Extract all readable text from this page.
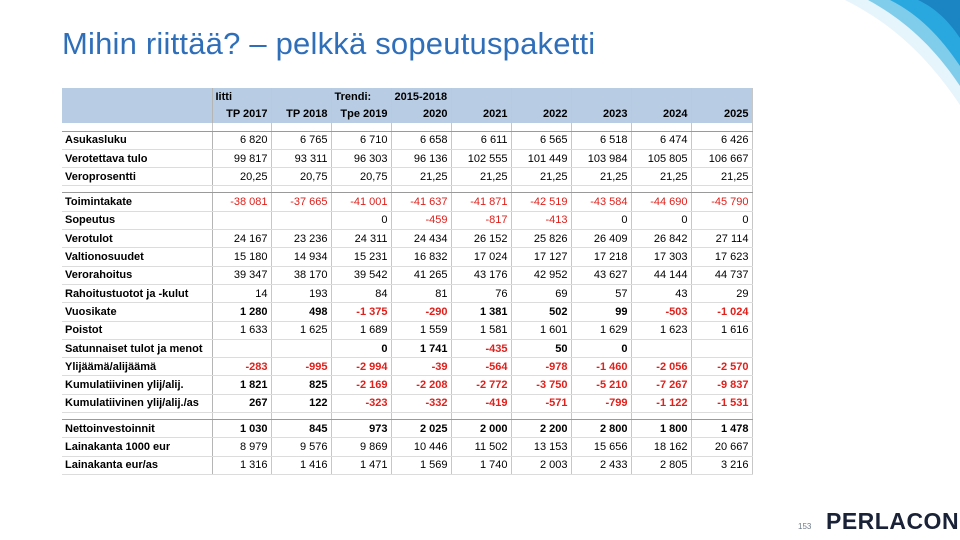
Mihin riittää? – pelkkä sopeutuspaketti
	Iitti		Trendi:	2015-2018					
	TP 2017	TP 2018	Tpe 2019	2020	2021	2022	2023	2024	2025

Asukasluku	6 820	6 765	6 710	6 658	6 611	6 565	6 518	6 474	6 426
Verotettava tulo	99 817	93 311	96 303	96 136	102 555	101 449	103 984	105 805	106 667
Veroprosentti	20,25	20,75	20,75	21,25	21,25	21,25	21,25	21,25	21,25

Toimintakate	-38 081	-37 665	-41 001	-41 637	-41 871	-42 519	-43 584	-44 690	-45 790
Sopeutus			0	-459	-817	-413	0	0	0
Verotulot	24 167	23 236	24 311	24 434	26 152	25 826	26 409	26 842	27 114
Valtionosuudet	15 180	14 934	15 231	16 832	17 024	17 127	17 218	17 303	17 623
Verorahoitus	39 347	38 170	39 542	41 265	43 176	42 952	43 627	44 144	44 737
Rahoitustuotot ja -kulut	14	193	84	81	76	69	57	43	29
Vuosikate	1 280	498	-1 375	-290	1 381	502	99	-503	-1 024
Poistot	1 633	1 625	1 689	1 559	1 581	1 601	1 629	1 623	1 616
Satunnaiset tulot ja menot			0	1 741	-435	50	0		
Ylijäämä/alijäämä	-283	-995	-2 994	-39	-564	-978	-1 460	-2 056	-2 570
Kumulatiivinen ylij/alij.	1 821	825	-2 169	-2 208	-2 772	-3 750	-5 210	-7 267	-9 837
Kumulatiivinen ylij/alij./as	267	122	-323	-332	-419	-571	-799	-1 122	-1 531

Nettoinvestoinnit	1 030	845	973	2 025	2 000	2 200	2 800	1 800	1 478
Lainakanta 1000 eur	8 979	9 576	9 869	10 446	11 502	13 153	15 656	18 162	20 667
Lainakanta eur/as	1 316	1 416	1 471	1 569	1 740	2 003	2 433	2 805	3 216
153 PERLACON
